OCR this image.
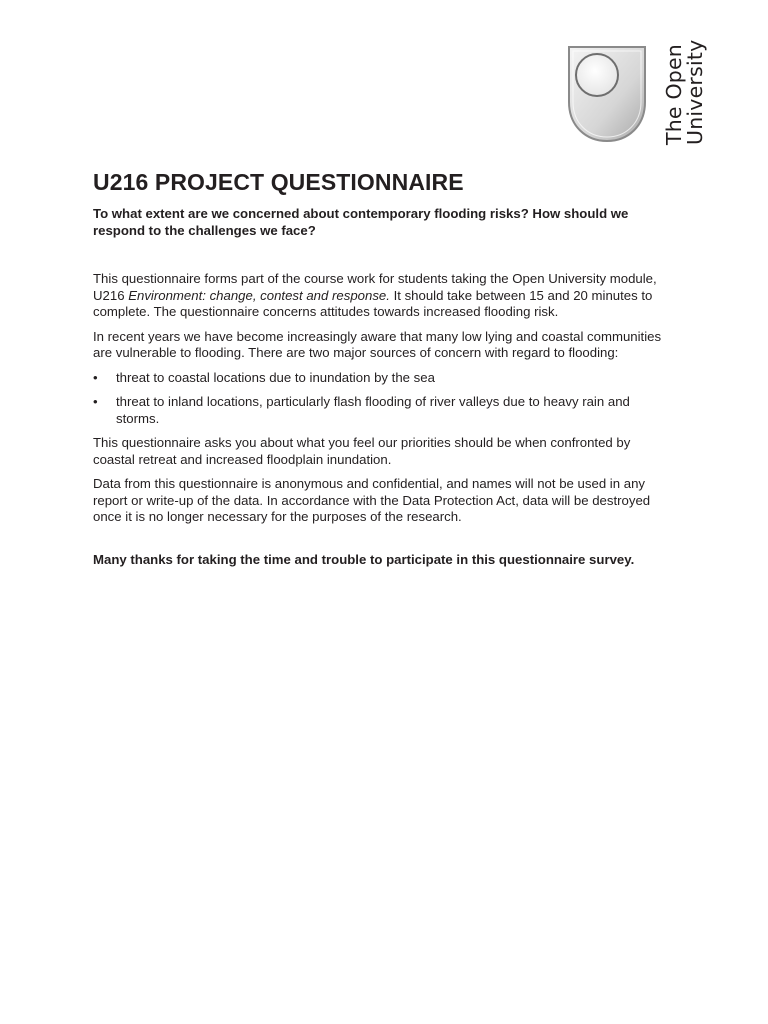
The Open
University
U216 PROJECT QUESTIONNAIRE

To what extent are we concerned about contemporary flooding risks? How should we respond to the challenges we face?

This questionnaire forms part of the course work for students taking the Open University module, U216 Environment: change, contest and response. It should take between 15 and 20 minutes to complete. The questionnaire concerns attitudes towards increased flooding risk.

In recent years we have become increasingly aware that many low lying and coastal communities are vulnerable to flooding. There are two major sources of concern with regard to flooding:

• threat to coastal locations due to inundation by the sea
• threat to inland locations, particularly flash flooding of river valleys due to heavy rain and storms.

This questionnaire asks you about what you feel our priorities should be when confronted by coastal retreat and increased floodplain inundation.

Data from this questionnaire is anonymous and confidential, and names will not be used in any report or write-up of the data. In accordance with the Data Protection Act, data will be destroyed once it is no longer necessary for the purposes of the research.

Many thanks for taking the time and trouble to participate in this questionnaire survey.
